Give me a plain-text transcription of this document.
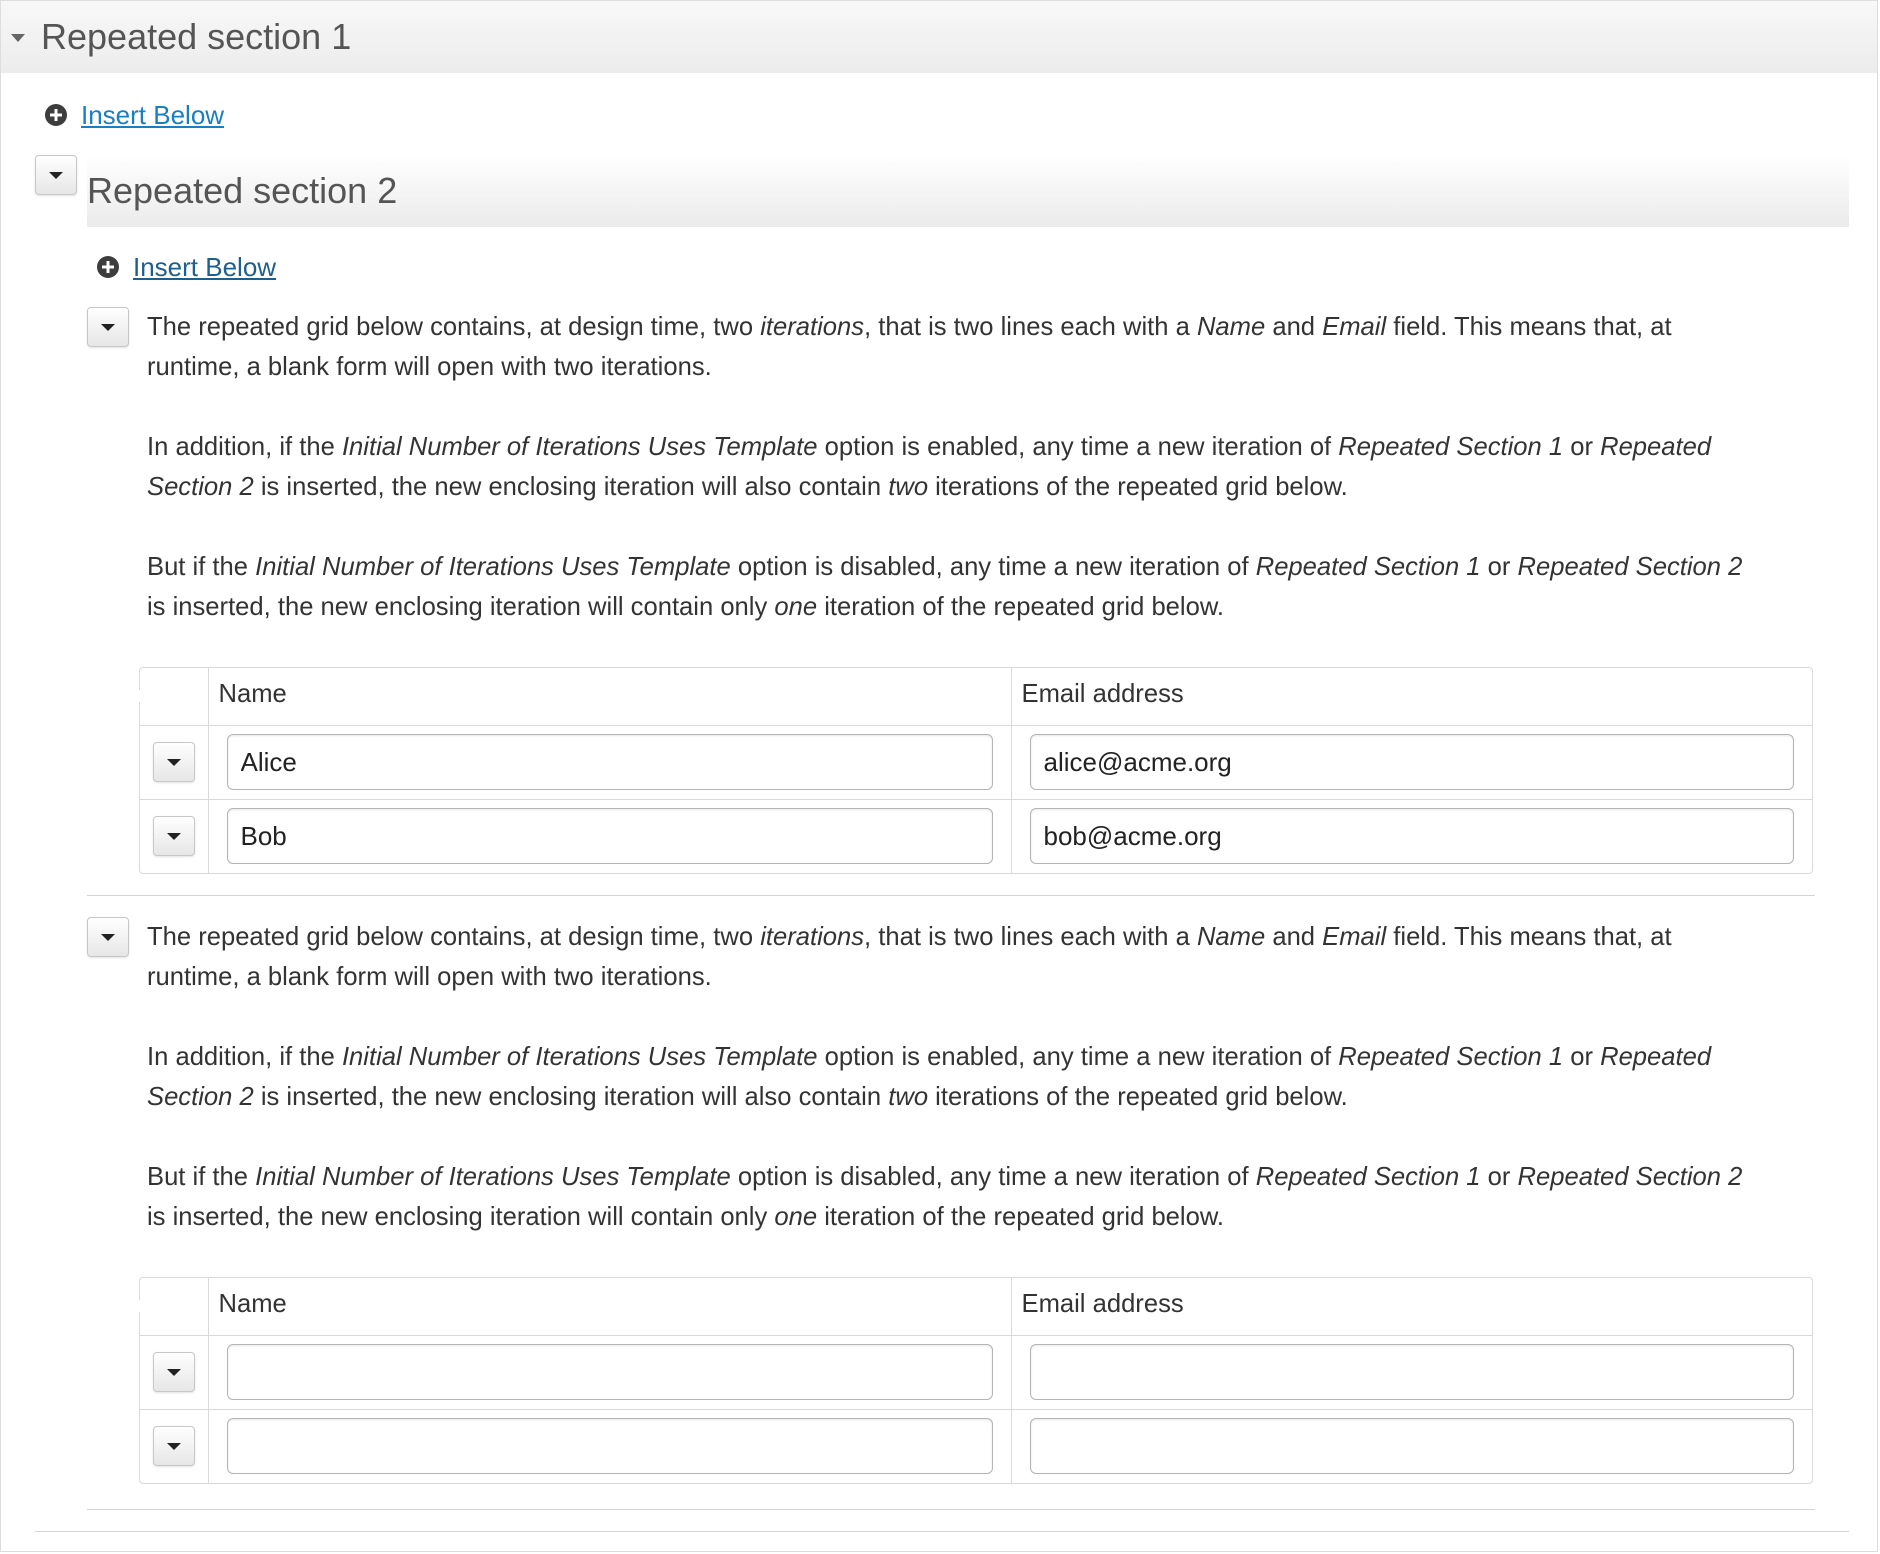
Repeated section 1
Insert Below
Repeated section 2
Insert Below

The repeated grid below contains, at design time, two iterations, that is two lines each with a Name and Email field. This means that, at runtime, a blank form will open with two iterations.

In addition, if the Initial Number of Iterations Uses Template option is enabled, any time a new iteration of Repeated Section 1 or Repeated Section 2 is inserted, the new enclosing iteration will also contain two iterations of the repeated grid below.

But if the Initial Number of Iterations Uses Template option is disabled, any time a new iteration of Repeated Section 1 or Repeated Section 2 is inserted, the new enclosing iteration will contain only one iteration of the repeated grid below.

	Name	Email address

	Alice	alice@acme.org

	Bob	bob@acme.org

The repeated grid below contains, at design time, two iterations, that is two lines each with a Name and Email field. This means that, at runtime, a blank form will open with two iterations.

In addition, if the Initial Number of Iterations Uses Template option is enabled, any time a new iteration of Repeated Section 1 or Repeated Section 2 is inserted, the new enclosing iteration will also contain two iterations of the repeated grid below.

But if the Initial Number of Iterations Uses Template option is disabled, any time a new iteration of Repeated Section 1 or Repeated Section 2 is inserted, the new enclosing iteration will contain only one iteration of the repeated grid below.

	Name	Email address
